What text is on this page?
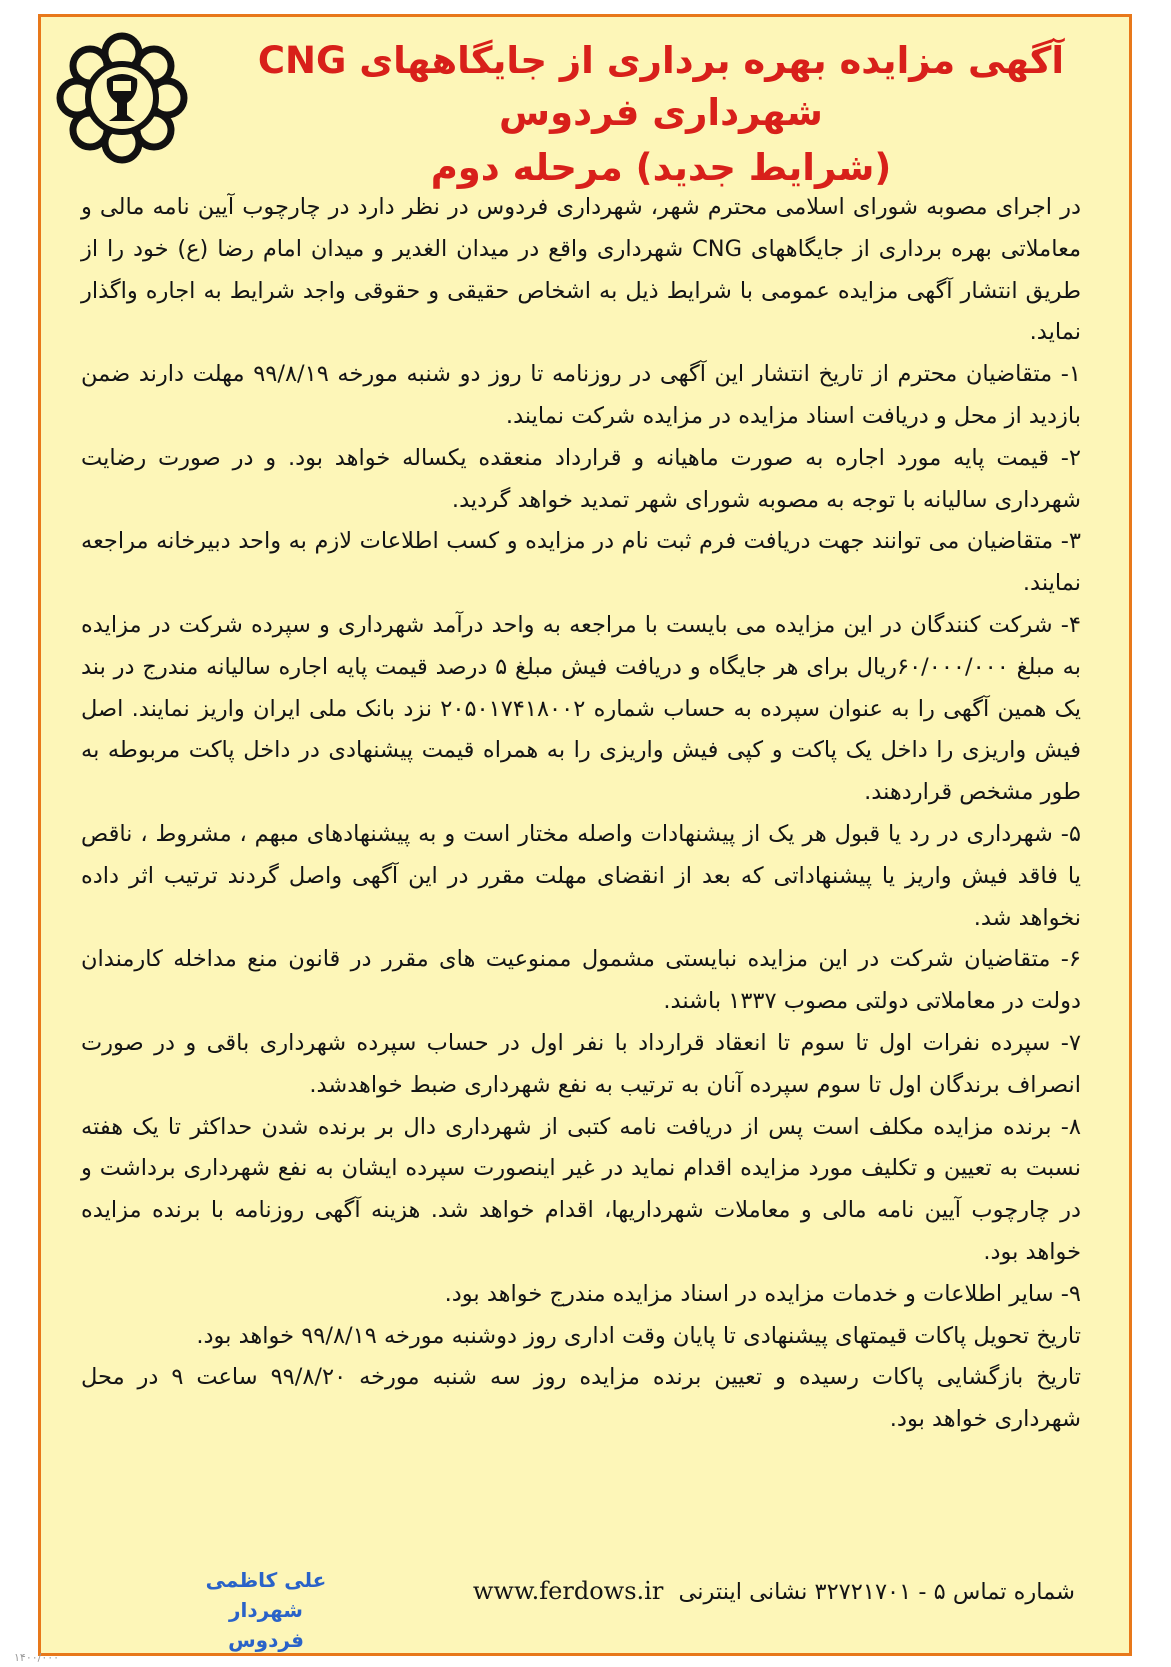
آگهی مزایده بهره برداری از جایگاههای CNG شهرداری فردوس

(شرایط جدید) مرحله دوم

در اجرای مصوبه شورای اسلامی محترم شهر، شهرداری فردوس در نظر دارد در چارچوب آیین نامه مالی و معاملاتی بهره برداری از جایگاههای CNG شهرداری واقع در میدان الغدیر و میدان امام رضا (ع) خود را از طریق انتشار آگهی مزایده عمومی با شرایط ذیل به اشخاص حقیقی و حقوقی واجد شرایط به اجاره واگذار نماید.

۱- متقاضیان محترم از تاریخ انتشار این آگهی در روزنامه تا روز دو شنبه مورخه ۹۹/۸/۱۹ مهلت دارند ضمن بازدید از محل و دریافت اسناد مزایده در مزایده شرکت نمایند.

۲- قیمت پایه مورد اجاره به صورت ماهیانه و قرارداد منعقده یکساله خواهد بود. و در صورت رضایت شهرداری سالیانه با توجه به مصوبه شورای شهر تمدید خواهد گردید.

۳- متقاضیان می توانند جهت دریافت فرم ثبت نام در مزایده و کسب اطلاعات لازم به واحد دبیرخانه مراجعه نمایند.

۴- شرکت کنندگان در این مزایده می بایست با مراجعه به واحد درآمد شهرداری و سپرده شرکت در مزایده به مبلغ ۶۰/۰۰۰/۰۰۰ریال برای هر جایگاه و دریافت فیش مبلغ ۵ درصد قیمت پایه اجاره سالیانه مندرج در بند یک همین آگهی را به عنوان سپرده به حساب شماره ۲۰۵۰۱۷۴۱۸۰۰۲ نزد بانک ملی ایران واریز نمایند. اصل فیش واریزی را داخل یک پاکت و کپی فیش واریزی را به همراه قیمت پیشنهادی در داخل پاکت مربوطه به طور مشخص قراردهند.

۵- شهرداری در رد یا قبول هر یک از پیشنهادات واصله مختار است و به پیشنهادهای مبهم ، مشروط ، ناقص یا فاقد فیش واریز یا پیشنهاداتی که بعد از انقضای مهلت مقرر در این آگهی واصل گردند ترتیب اثر داده نخواهد شد.

۶- متقاضیان شرکت در این مزایده نبایستی مشمول ممنوعیت های مقرر در قانون منع مداخله کارمندان دولت در معاملاتی دولتی مصوب ۱۳۳۷ باشند.

۷- سپرده نفرات اول تا سوم تا انعقاد قرارداد با نفر اول در حساب سپرده شهرداری باقی و در صورت انصراف برندگان اول تا سوم سپرده آنان به ترتیب به نفع شهرداری ضبط خواهدشد.

۸- برنده مزایده مکلف است پس از دریافت نامه کتبی از شهرداری دال بر برنده شدن حداکثر تا یک هفته نسبت به تعیین و تکلیف مورد مزایده اقدام نماید در غیر اینصورت سپرده ایشان به نفع شهرداری برداشت و در چارچوب آیین نامه مالی و معاملات شهرداریها، اقدام خواهد شد. هزینه آگهی روزنامه با برنده مزایده خواهد بود.

۹- سایر اطلاعات و خدمات مزایده در اسناد مزایده مندرج خواهد بود.

تاریخ تحویل پاکات قیمتهای پیشنهادی تا پایان وقت اداری روز دوشنبه مورخه ۹۹/۸/۱۹ خواهد بود.

تاریخ بازگشایی پاکات رسیده و تعیین برنده مزایده روز سه شنبه مورخه ۹۹/۸/۲۰ ساعت ۹ در محل شهرداری خواهد بود.

علی کاظمی
شهردار فردوس
شماره تماس ۵ - ۳۲۷۲۱۷۰۱ نشانی اینترنی www.ferdows.ir
۱۴۰۰/۰۰۰
